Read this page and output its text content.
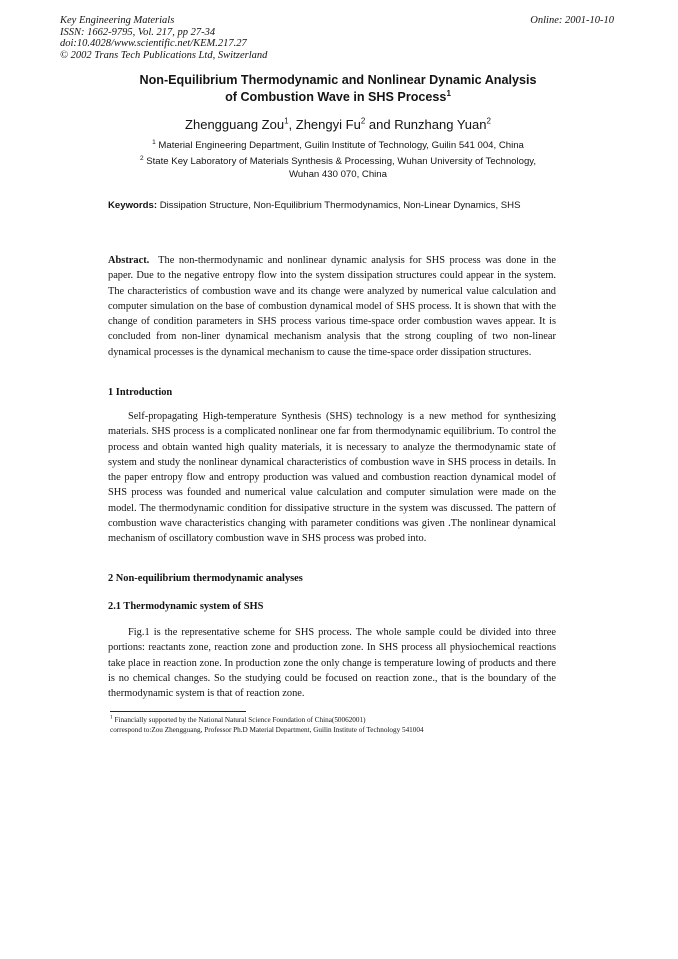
Key Engineering Materials
ISSN: 1662-9795, Vol. 217, pp 27-34
doi:10.4028/www.scientific.net/KEM.217.27
© 2002 Trans Tech Publications Ltd, Switzerland
Online: 2001-10-10
Non-Equilibrium Thermodynamic and Nonlinear Dynamic Analysis
of Combustion Wave in SHS Process$^1$
Zhengguang Zou$^1$, Zhengyi Fu$^2$ and Runzhang Yuan$^2$
$^1$ Material Engineering Department, Guilin Institute of Technology, Guilin 541 004, China
$^2$ State Key Laboratory of Materials Synthesis & Processing, Wuhan University of Technology,
Wuhan 430 070, China
Keywords: Dissipation Structure, Non-Equilibrium Thermodynamics, Non-Linear Dynamics, SHS
Abstract. The non-thermodynamic and nonlinear dynamic analysis for SHS process was done in the paper. Due to the negative entropy flow into the system dissipation structures could appear in the system. The characteristics of combustion wave and its change were analyzed by numerical value calculation and computer simulation on the base of combustion dynamical model of SHS process. It is shown that with the change of condition parameters in SHS process various time-space order combustion waves appear. It is concluded from non-liner dynamical mechanism analysis that the strong coupling of two non-linear dynamical processes is the dynamical mechanism to cause the time-space order dissipation structures.
1 Introduction
Self-propagating High-temperature Synthesis (SHS) technology is a new method for synthesizing materials. SHS process is a complicated nonlinear one far from thermodynamic equilibrium. To control the process and obtain wanted high quality materials, it is necessary to analyze the thermodynamic state of system and study the nonlinear dynamical characteristics of combustion wave in SHS process in details. In the paper entropy flow and entropy production was valued and combustion reaction dynamical model of SHS process was founded and numerical value calculation and computer simulation were made on the model. The thermodynamic condition for dissipative structure in the system was discussed. The pattern of combustion wave characteristics changing with parameter conditions was given .The nonlinear dynamical mechanism of oscillatory combustion wave in SHS process was probed into.
2 Non-equilibrium thermodynamic analyses
2.1 Thermodynamic system of SHS
Fig.1 is the representative scheme for SHS process. The whole sample could be divided into three portions: reactants zone, reaction zone and production zone. In SHS process all physiochemical reactions take place in reaction zone. In production zone the only change is temperature lowing of products and there is no chemical changes. So the studying could be focused on reaction zone., that is the boundary of the thermodynamic system is that of reaction zone.
$^1$ Financially supported by the National Natural Science Foundation of China(50062001)
correspond to:Zou Zhengguang, Professor Ph.D Material Department, Guilin Institute of Technology 541004
